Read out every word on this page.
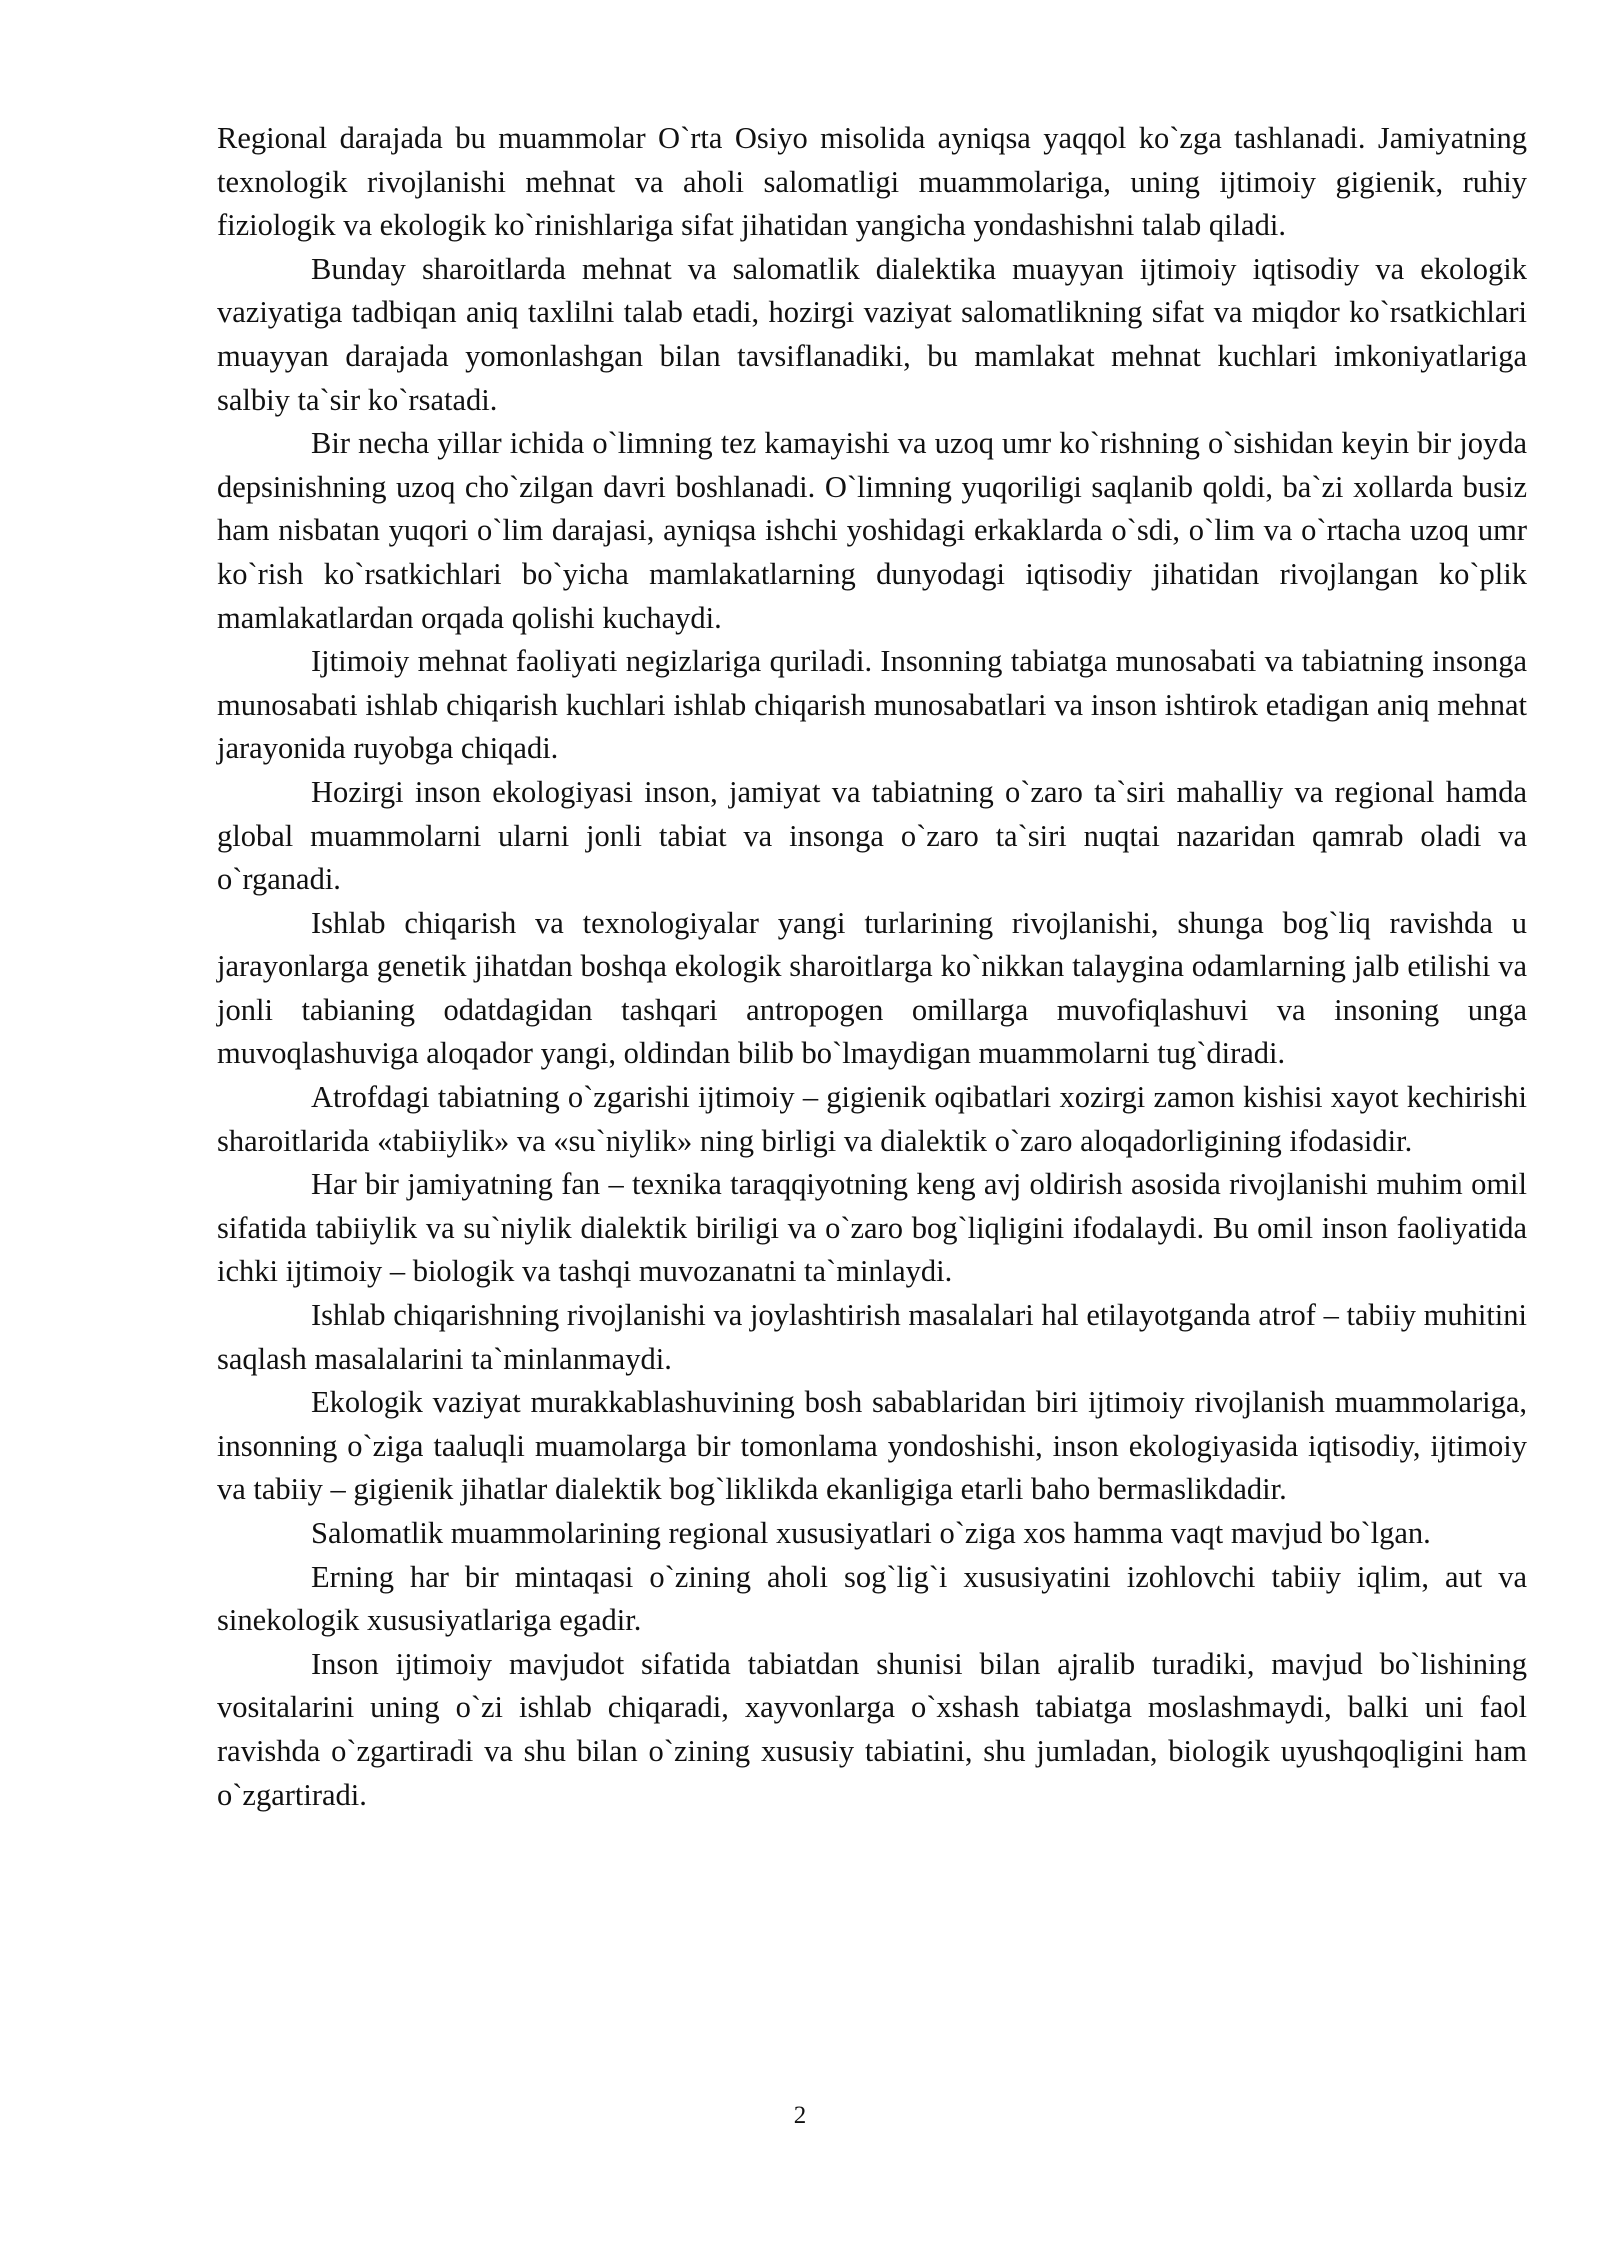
Regional darajada bu muammolar O`rta Osiyo misolida ayniqsa yaqqol ko`zga tashlanadi. Jamiyatning texnologik rivojlanishi mehnat va aholi salomatligi muammolariga, uning ijtimoiy gigienik, ruhiy fiziologik va ekologik ko`rinishlariga sifat jihatidan yangicha yondashishni talab qiladi.

Bunday sharoitlarda mehnat va salomatlik dialektika muayyan ijtimoiy iqtisodiy va ekologik vaziyatiga tadbiqan aniq taxlilni talab etadi, hozirgi vaziyat salomatlikning sifat va miqdor ko`rsatkichlari muayyan darajada yomonlashgan bilan tavsiflanadiki, bu mamlakat mehnat kuchlari imkoniyatlariga salbiy ta`sir ko`rsatadi.

Bir necha yillar ichida o`limning tez kamayishi va uzoq umr ko`rishning o`sishidan keyin bir joyda depsinishning uzoq cho`zilgan davri boshlanadi. O`limning yuqoriligi saqlanib qoldi, ba`zi xollarda busiz ham nisbatan yuqori o`lim darajasi, ayniqsa ishchi yoshidagi erkaklarda o`sdi, o`lim va o`rtacha uzoq umr ko`rish ko`rsatkichlari bo`yicha mamlakatlarning dunyodagi iqtisodiy jihatidan rivojlangan ko`plik mamlakatlardan orqada qolishi kuchaydi.

Ijtimoiy mehnat faoliyati negizlariga quriladi. Insonning tabiatga munosabati va tabiatning insonga munosabati ishlab chiqarish kuchlari ishlab chiqarish munosabatlari va inson ishtirok etadigan aniq mehnat jarayonida ruyobga chiqadi.

Hozirgi inson ekologiyasi inson, jamiyat va tabiatning o`zaro ta`siri mahalliy va regional hamda global muammolarni ularni jonli tabiat va insonga o`zaro ta`siri nuqtai nazaridan qamrab oladi va o`rganadi.

Ishlab chiqarish va texnologiyalar yangi turlarining rivojlanishi, shunga bog`liq ravishda u jarayonlarga genetik jihatdan boshqa ekologik sharoitlarga ko`nikkan talaygina odamlarning jalb etilishi va jonli tabianing odatdagidan tashqari antropogen omillarga muvofiqlashuvi va insoning unga muvoqlashuviga aloqador yangi, oldindan bilib bo`lmaydigan muammolarni tug`diradi.

Atrofdagi tabiatning o`zgarishi ijtimoiy – gigienik oqibatlari xozirgi zamon kishisi xayot kechirishi sharoitlarida «tabiiylik» va «su`niylik» ning birligi va dialektik o`zaro aloqadorligining ifodasidir.

Har bir jamiyatning fan – texnika taraqqiyotning keng avj oldirish asosida rivojlanishi muhim omil sifatida tabiiylik va su`niylik dialektik biriligi va o`zaro bog`liqligini ifodalaydi. Bu omil inson faoliyatida ichki ijtimoiy – biologik va tashqi muvozanatni ta`minlaydi.

Ishlab chiqarishning rivojlanishi va joylashtirish masalalari hal etilayotganda atrof – tabiiy muhitini saqlash masalalarini ta`minlanmaydi.

Ekologik vaziyat murakkablashuvining bosh sabablaridan biri ijtimoiy rivojlanish muammolariga, insonning o`ziga taaluqli muamolarga bir tomonlama yondoshishi, inson ekologiyasida iqtisodiy, ijtimoiy va tabiiy – gigienik jihatlar dialektik bog`liklikda ekanligiga etarli baho bermaslikdadir.

Salomatlik muammolarining regional xususiyatlari o`ziga xos hamma vaqt mavjud bo`lgan.

Erning har bir mintaqasi o`zining aholi sog`lig`i xususiyatini izohlovchi tabiiy iqlim, aut va sinekologik xususiyatlariga egadir.

Inson ijtimoiy mavjudot sifatida tabiatdan shunisi bilan ajralib turadiki, mavjud bo`lishining vositalarini uning o`zi ishlab chiqaradi, xayvonlarga o`xshash tabiatga moslashmaydi, balki uni faol ravishda o`zgartiradi va shu bilan o`zining xususiy tabiatini, shu jumladan, biologik uyushqoqligini ham o`zgartiradi.

2
